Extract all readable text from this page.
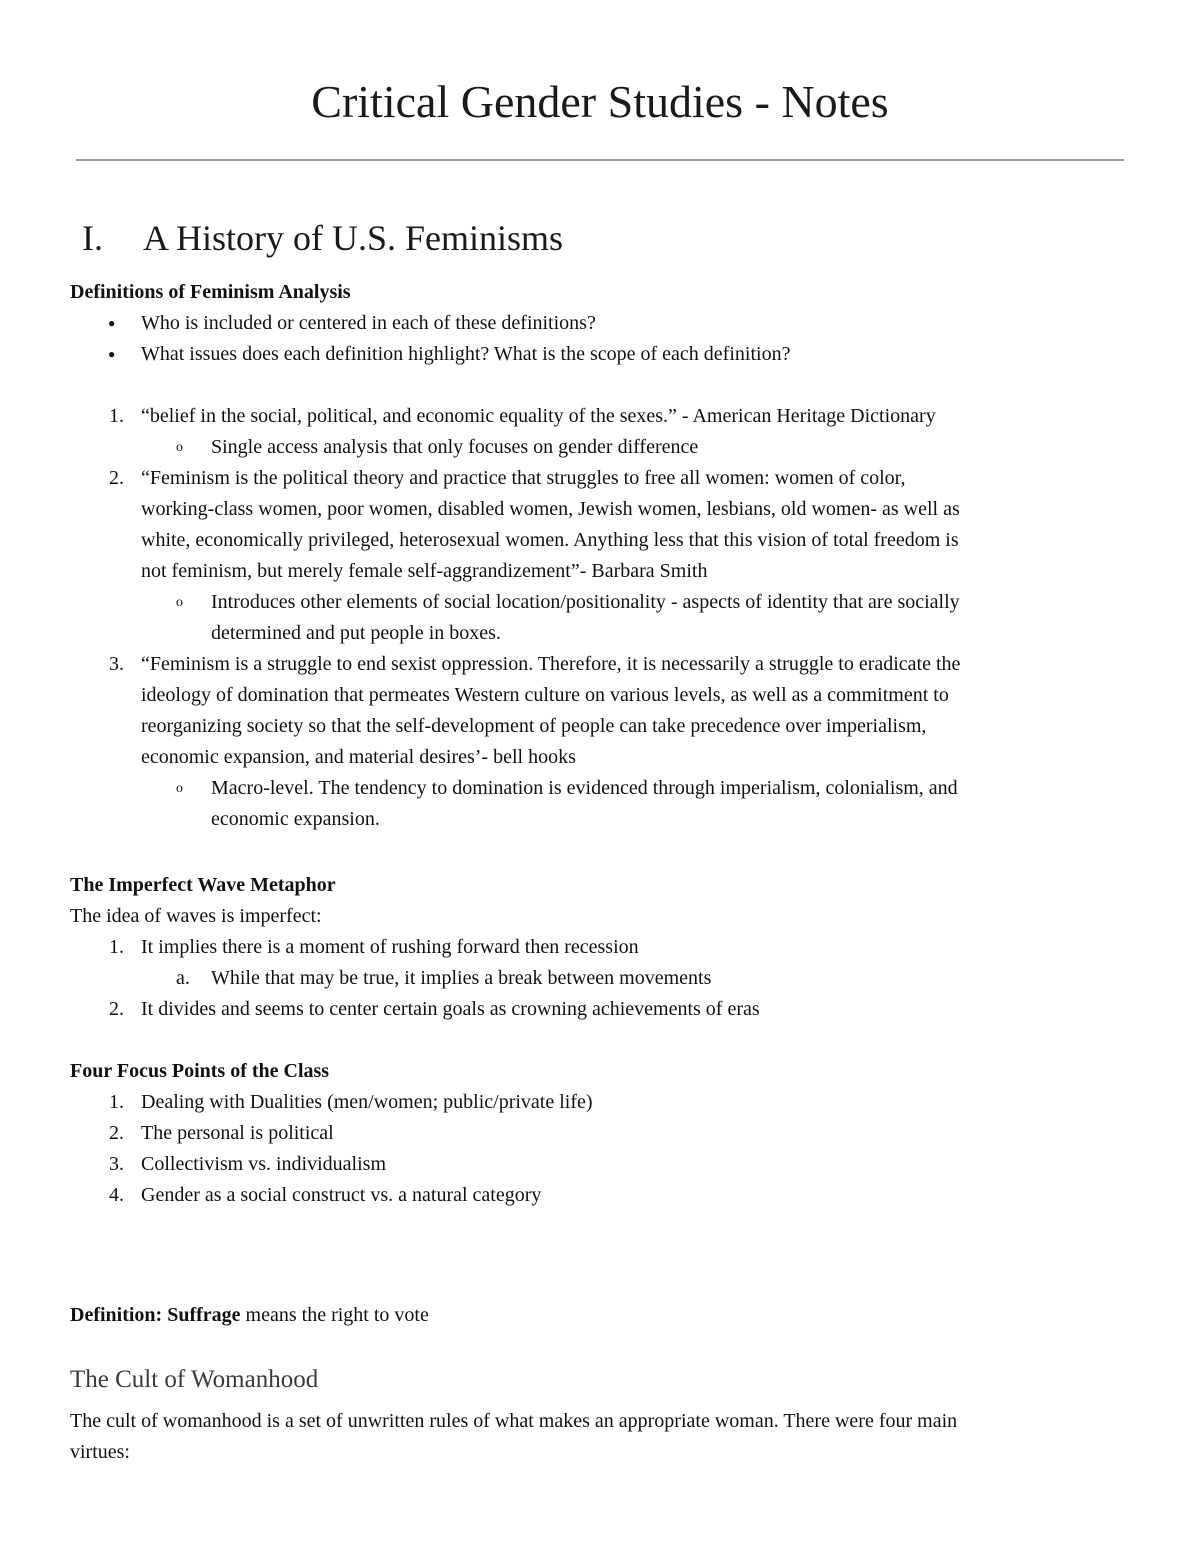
Critical Gender Studies - Notes
I. A History of U.S. Feminisms
Definitions of Feminism Analysis
●	Who is included or centered in each of these definitions?
●	What issues does each definition highlight? What is the scope of each definition?
1. “belief in the social, political, and economic equality of the sexes.” - American Heritage Dictionary
o Single access analysis that only focuses on gender difference
2. “Feminism is the political theory and practice that struggles to free all women: women of color,
working-class women, poor women, disabled women, Jewish women, lesbians, old women- as well as
white, economically privileged, heterosexual women. Anything less that this vision of total freedom is
not feminism, but merely female self-aggrandizement”- Barbara Smith
o Introduces other elements of social location/positionality - aspects of identity that are socially
determined and put people in boxes.
3. “Feminism is a struggle to end sexist oppression. Therefore, it is necessarily a struggle to eradicate the
ideology of domination that permeates Western culture on various levels, as well as a commitment to
reorganizing society so that the self-development of people can take precedence over imperialism,
economic expansion, and material desires’- bell hooks
o Macro-level. The tendency to domination is evidenced through imperialism, colonialism, and
economic expansion.
The Imperfect Wave Metaphor
The idea of waves is imperfect:
1. It implies there is a moment of rushing forward then recession
a. While that may be true, it implies a break between movements
2. It divides and seems to center certain goals as crowning achievements of eras
Four Focus Points of the Class
1. Dealing with Dualities (men/women; public/private life)
2. The personal is political
3. Collectivism vs. individualism
4. Gender as a social construct vs. a natural category
Definition: Suffrage means the right to vote
The Cult of Womanhood
The cult of womanhood is a set of unwritten rules of what makes an appropriate woman. There were four main
virtues:
